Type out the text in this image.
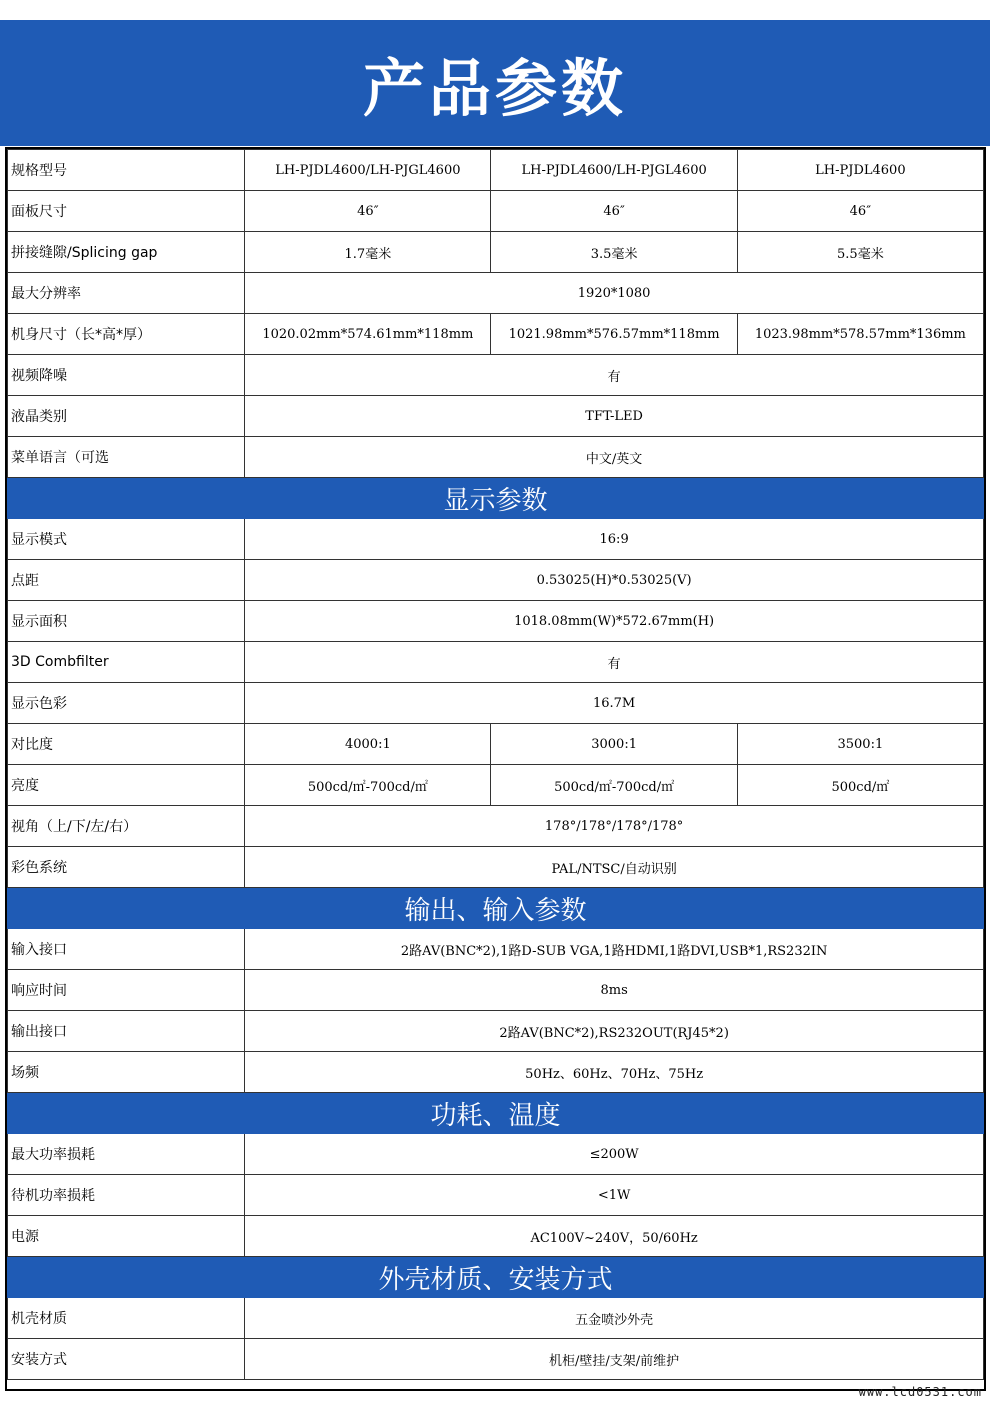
产品参数
规格型号	LH-PJDL4600/LH-PJGL4600	LH-PJDL4600/LH-PJGL4600	LH-PJDL4600
面板尺寸	46″	46″	46″
拼接缝隙/Splicing gap	1.7毫米	3.5毫米	5.5毫米
最大分辨率	1920*1080		
机身尺寸（长*高*厚）	1020.02mm*574.61mm*118mm	1021.98mm*576.57mm*118mm	1023.98mm*578.57mm*136mm
视频降噪	有		
液晶类别	TFT-LED		
菜单语言（可选	中文/英文		
显示参数			
显示模式	16:9		
点距	0.53025(H)*0.53025(V)		
显示面积	1018.08mm(W)*572.67mm(H)		
3D Combfilter	有		
显示色彩	16.7M		
对比度	4000:1	3000:1	3500:1
亮度	500cd/㎡-700cd/㎡	500cd/㎡-700cd/㎡	500cd/㎡
视角（上/下/左/右）	178°/178°/178°/178°		
彩色系统	PAL/NTSC/自动识别		
输出、输入参数			
输入接口	2路AV(BNC*2),1路D-SUB VGA,1路HDMI,1路DVI,USB*1,RS232IN		
响应时间	8ms		
输出接口	2路AV(BNC*2),RS232OUT(RJ45*2)		
场频	50Hz、60Hz、70Hz、75Hz		
功耗、温度			
最大功率损耗	≤200W		
待机功率损耗	<1W		
电源	AC100V~240V，50/60Hz		
外壳材质、安装方式			
机壳材质	五金喷沙外壳		
安装方式	机柜/壁挂/支架/前维护		
www.lcd0531.com
